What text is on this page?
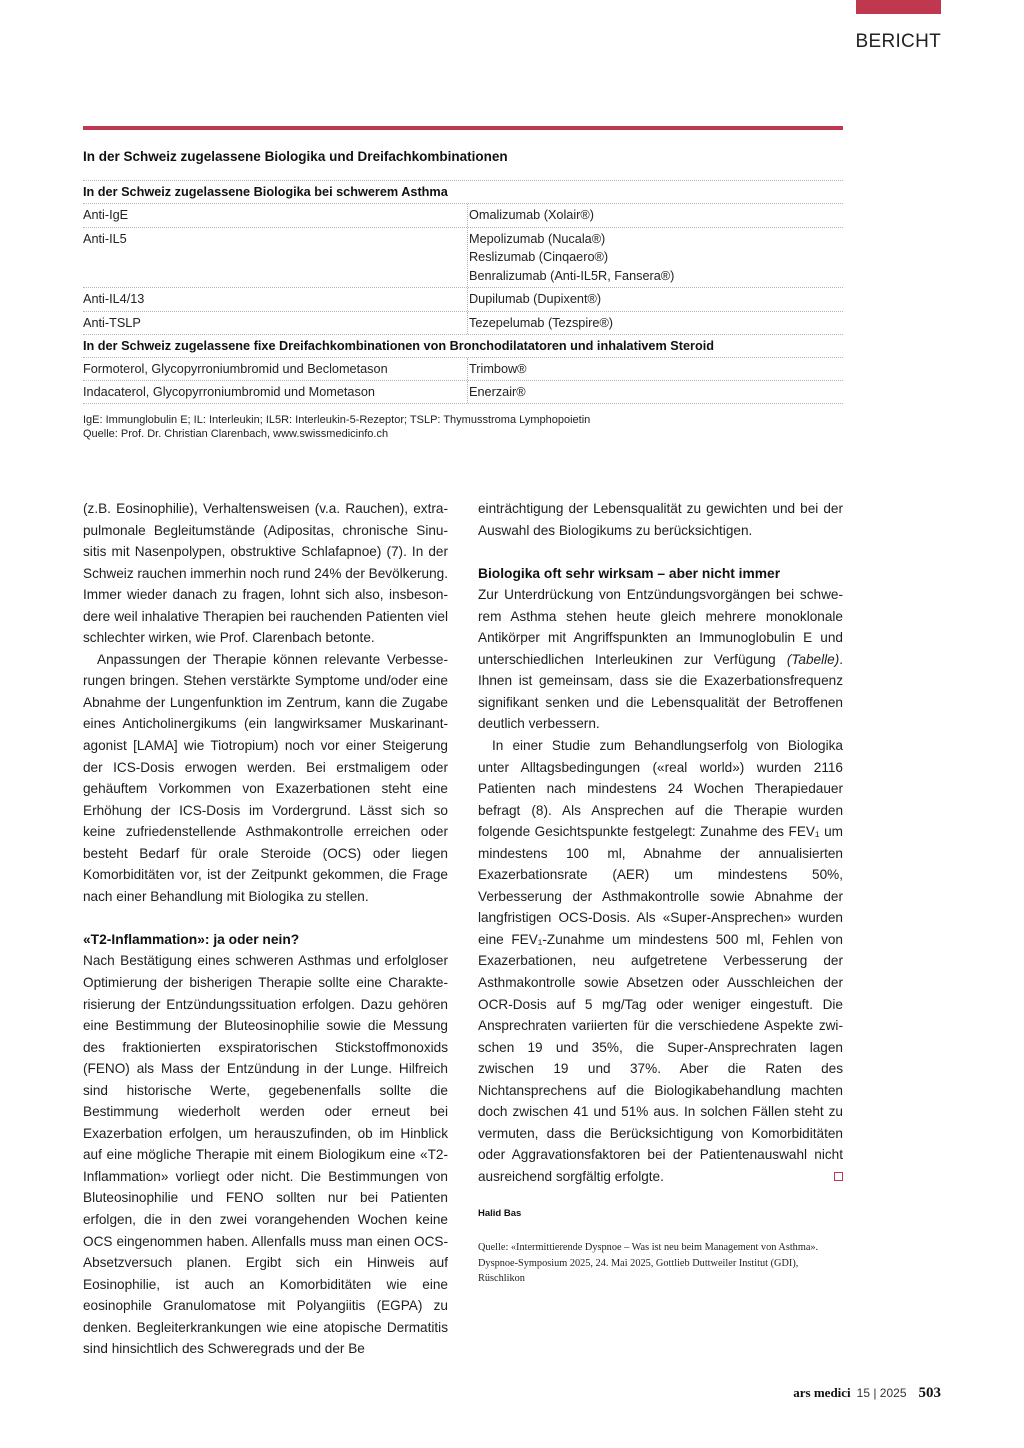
BERICHT
In der Schweiz zugelassene Biologika und Dreifachkombinationen
In der Schweiz zugelassene Biologika bei schwerem Asthma
Anti-IgE	Omalizumab (Xolair®)
Anti-IL5	Mepolizumab (Nucala®)
Reslizumab (Cinqaero®)
Benralizumab (Anti-IL5R, Fansera®)
Anti-IL4/13	Dupilumab (Dupixent®)
Anti-TSLP	Tezepelumab (Tezspire®)
In der Schweiz zugelassene fixe Dreifachkombinationen von Bronchodilatatoren und inhalativem Steroid
Formoterol, Glycopyrroniumbromid und Beclometason	Trimbow®
Indacaterol, Glycopyrroniumbromid und Mometason	Enerzair®
IgE: Immunglobulin E; IL: Interleukin; IL5R: Interleukin-5-Rezeptor; TSLP: Thymusstroma Lymphopoietin
Quelle: Prof. Dr. Christian Clarenbach, www.swissmedicinfo.ch

(z.B. Eosinophilie), Verhaltensweisen (v.a. Rauchen), extrapulmonale Begleitumstände (Adipositas, chronische Sinusitis mit Nasenpolypen, obstruktive Schlafapnoe) (7). In der Schweiz rauchen immerhin noch rund 24% der Bevölkerung. Immer wieder danach zu fragen, lohnt sich also, insbesondere weil inhalative Therapien bei rauchenden Patienten viel schlechter wirken, wie Prof. Clarenbach betonte.

Anpassungen der Therapie können relevante Verbesserungen bringen. Stehen verstärkte Symptome und/oder eine Abnahme der Lungenfunktion im Zentrum, kann die Zugabe eines Anticholinergikums (ein langwirksamer Muskarinantagonist [LAMA] wie Tiotropium) noch vor einer Steigerung der ICS-Dosis erwogen werden. Bei erstmaligem oder gehäuftem Vorkommen von Exazerbationen steht eine Erhöhung der ICS-Dosis im Vordergrund. Lässt sich so keine zufriedenstellende Asthmakontrolle erreichen oder besteht Bedarf für orale Steroide (OCS) oder liegen Komorbiditäten vor, ist der Zeitpunkt gekommen, die Frage nach einer Behandlung mit Biologika zu stellen.

«T2-Inflammation»: ja oder nein?

Nach Bestätigung eines schweren Asthmas und erfolgloser Optimierung der bisherigen Therapie sollte eine Charakterisierung der Entzündungssituation erfolgen. Dazu gehören eine Bestimmung der Bluteosinophilie sowie die Messung des fraktionierten exspiratorischen Stickstoffmonoxids (FENO) als Mass der Entzündung in der Lunge. Hilfreich sind historische Werte, gegebenenfalls sollte die Bestimmung wiederholt werden oder erneut bei Exazerbation erfolgen, um herauszufinden, ob im Hinblick auf eine mögliche Therapie mit einem Biologikum eine «T2-Inflammation» vorliegt oder nicht. Die Bestimmungen von Bluteosinophilie und FENO sollten nur bei Patienten erfolgen, die in den zwei vorangehenden Wochen keine OCS eingenommen haben. Allenfalls muss man einen OCS-Absetzversuch planen. Ergibt sich ein Hinweis auf Eosinophilie, ist auch an Komorbiditäten wie eine eosinophile Granulomatose mit Polyangiitis (EGPA) zu denken. Begleiterkrankungen wie eine atopische Dermatitis sind hinsichtlich des Schweregrads und der Be

einträchtigung der Lebensqualität zu gewichten und bei der Auswahl des Biologikums zu berücksichtigen.

Biologika oft sehr wirksam – aber nicht immer

Zur Unterdrückung von Entzündungsvorgängen bei schwerem Asthma stehen heute gleich mehrere monoklonale Antikörper mit Angriffspunkten an Immunoglobulin E und unterschiedlichen Interleukinen zur Verfügung (Tabelle). Ihnen ist gemeinsam, dass sie die Exazerbationsfrequenz signifikant senken und die Lebensqualität der Betroffenen deutlich verbessern.

In einer Studie zum Behandlungserfolg von Biologika unter Alltagsbedingungen («real world») wurden 2116 Patienten nach mindestens 24 Wochen Therapiedauer befragt (8). Als Ansprechen auf die Therapie wurden folgende Gesichtspunkte festgelegt: Zunahme des FEV₁ um mindestens 100 ml, Abnahme der annualisierten Exazerbationsrate (AER) um mindestens 50%, Verbesserung der Asthmakontrolle sowie Abnahme der langfristigen OCS-Dosis. Als «Super-Ansprechen» wurden eine FEV₁-Zunahme um mindestens 500 ml, Fehlen von Exazerbationen, neu aufgetretene Verbesserung der Asthmakontrolle sowie Absetzen oder Ausschleichen der OCR-Dosis auf 5 mg/Tag oder weniger eingestuft. Die Ansprechraten variierten für die verschiedene Aspekte zwischen 19 und 35%, die Super-Ansprechraten lagen zwischen 19 und 37%. Aber die Raten des Nichtansprechens auf die Biologikabehandlung machten doch zwischen 41 und 51% aus. In solchen Fällen steht zu vermuten, dass die Berücksichtigung von Komorbiditäten oder Aggravationsfaktoren bei der Patientenauswahl nicht ausreichend sorgfältig erfolgte.

Halid Bas
Quelle: «Intermittierende Dyspnoe – Was ist neu beim Management von Asthma». Dyspnoe-Symposium 2025, 24. Mai 2025, Gottlieb Duttweiler Institut (GDI), Rüschlikon
ars medici 15 | 2025 503
